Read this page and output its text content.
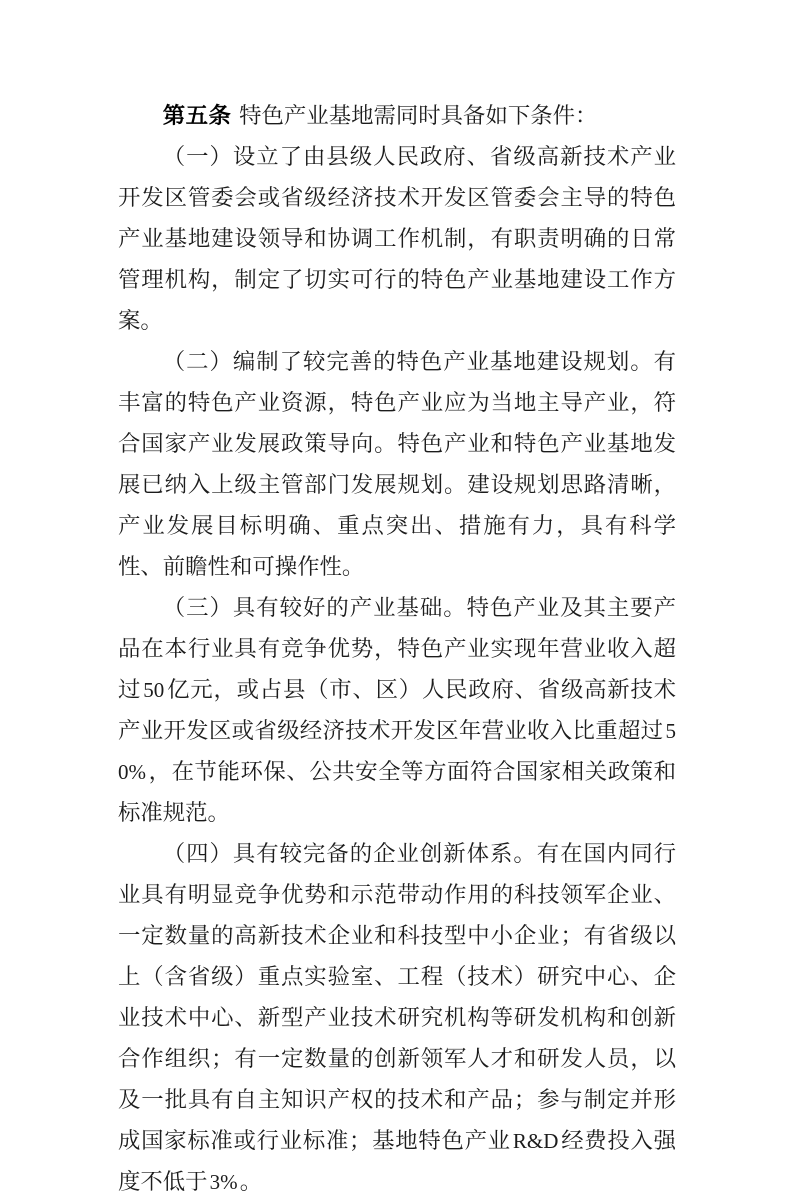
第五条 特色产业基地需同时具备如下条件：

（一）设立了由县级人民政府、省级高新技术产业开发区管委会或省级经济技术开发区管委会主导的特色产业基地建设领导和协调工作机制，有职责明确的日常管理机构，制定了切实可行的特色产业基地建设工作方案。

（二）编制了较完善的特色产业基地建设规划。有丰富的特色产业资源，特色产业应为当地主导产业，符合国家产业发展政策导向。特色产业和特色产业基地发展已纳入上级主管部门发展规划。建设规划思路清晰，产业发展目标明确、重点突出、措施有力，具有科学性、前瞻性和可操作性。

（三）具有较好的产业基础。特色产业及其主要产品在本行业具有竞争优势，特色产业实现年营业收入超过50亿元，或占县（市、区）人民政府、省级高新技术产业开发区或省级经济技术开发区年营业收入比重超过50%，在节能环保、公共安全等方面符合国家相关政策和标准规范。

（四）具有较完备的企业创新体系。有在国内同行业具有明显竞争优势和示范带动作用的科技领军企业、一定数量的高新技术企业和科技型中小企业；有省级以上（含省级）重点实验室、工程（技术）研究中心、企业技术中心、新型产业技术研究机构等研发机构和创新合作组织；有一定数量的创新领军人才和研发人员，以及一批具有自主知识产权的技术和产品；参与制定并形成国家标准或行业标准；基地特色产业R&D经费投入强度不低于3%。
